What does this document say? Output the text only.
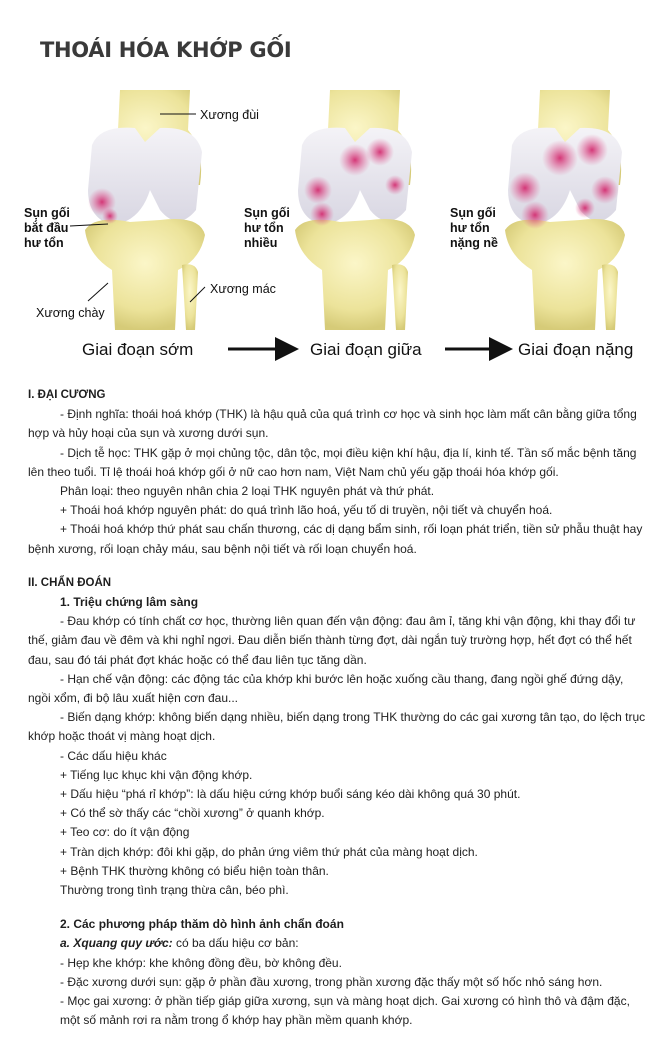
THOÁI HÓA KHỚP GỐI
Xương đùi
Xương mác
Xương chày
Sụn gối
bắt đầu
hư tổn
Sụn gối
hư tổn
nhiều
Sụn gối
hư tổn
nặng nề
Giai đoạn sớm	Giai đoạn giữa	Giai đoạn nặng

I. ĐẠI CƯƠNG

- Định nghĩa: thoái hoá khớp (THK) là hậu quả của quá trình cơ học và sinh học làm mất cân bằng giữa tổng hợp và hủy hoại của sụn và xương dưới sụn.

- Dịch tễ học: THK gặp ở mọi chủng tộc, dân tộc, mọi điều kiện khí hậu, địa lí, kinh tế. Tần số mắc bệnh tăng lên theo tuổi. Tỉ lệ thoái hoá khớp gối ở nữ cao hơn nam, Việt Nam chủ yếu gặp thoái hóa khớp gối.

Phân loại: theo nguyên nhân chia 2 loại THK nguyên phát và thứ phát.

+ Thoái hoá khớp nguyên phát: do quá trình lão hoá, yếu tố di truyền, nội tiết và chuyển hoá.

+ Thoái hoá khớp thứ phát sau chấn thương, các dị dạng bẩm sinh, rối loạn phát triển, tiền sử phẫu thuật hay bệnh xương, rối loạn chảy máu, sau bệnh nội tiết và rối loạn chuyển hoá.

II. CHẨN ĐOÁN

1. Triệu chứng lâm sàng

- Đau khớp có tính chất cơ học, thường liên quan đến vận động: đau âm ỉ, tăng khi vận động, khi thay đổi tư thế, giảm đau về đêm và khi nghỉ ngơi. Đau diễn biến thành từng đợt, dài ngắn tuỳ trường hợp, hết đợt có thể hết đau, sau đó tái phát đợt khác hoặc có thể đau liên tục tăng dần.

- Hạn chế vận động: các động tác của khớp khi bước lên hoặc xuống cầu thang, đang ngồi ghế đứng dậy, ngồi xổm, đi bộ lâu xuất hiện cơn đau...

- Biến dạng khớp: không biến dạng nhiều, biến dạng trong THK thường do các gai xương tân tạo, do lệch trục khớp hoặc thoát vị màng hoạt dịch.

- Các dấu hiệu khác

+ Tiếng lục khục khi vận động khớp.

+ Dấu hiệu “phá rỉ khớp”: là dấu hiệu cứng khớp buổi sáng kéo dài không quá 30 phút.

+ Có thể sờ thấy các “chồi xương” ở quanh khớp.

+ Teo cơ: do ít vận động

+ Tràn dịch khớp: đôi khi gặp, do phản ứng viêm thứ phát của màng hoạt dịch.

+ Bệnh THK thường không có biểu hiện toàn thân.

Thường trong tình trạng thừa cân, béo phì.

2. Các phương pháp thăm dò hình ảnh chẩn đoán

a. Xquang quy ước: có ba dấu hiệu cơ bản:

- Hẹp khe khớp: khe không đồng đều, bờ không đều.

- Đặc xương dưới sụn: gặp ở phần đầu xương, trong phần xương đặc thấy một số hốc nhỏ sáng hơn.

- Mọc gai xương: ở phần tiếp giáp giữa xương, sụn và màng hoạt dịch. Gai xương có hình thô và đậm đặc, một số mảnh rơi ra nằm trong ổ khớp hay phần mềm quanh khớp.
